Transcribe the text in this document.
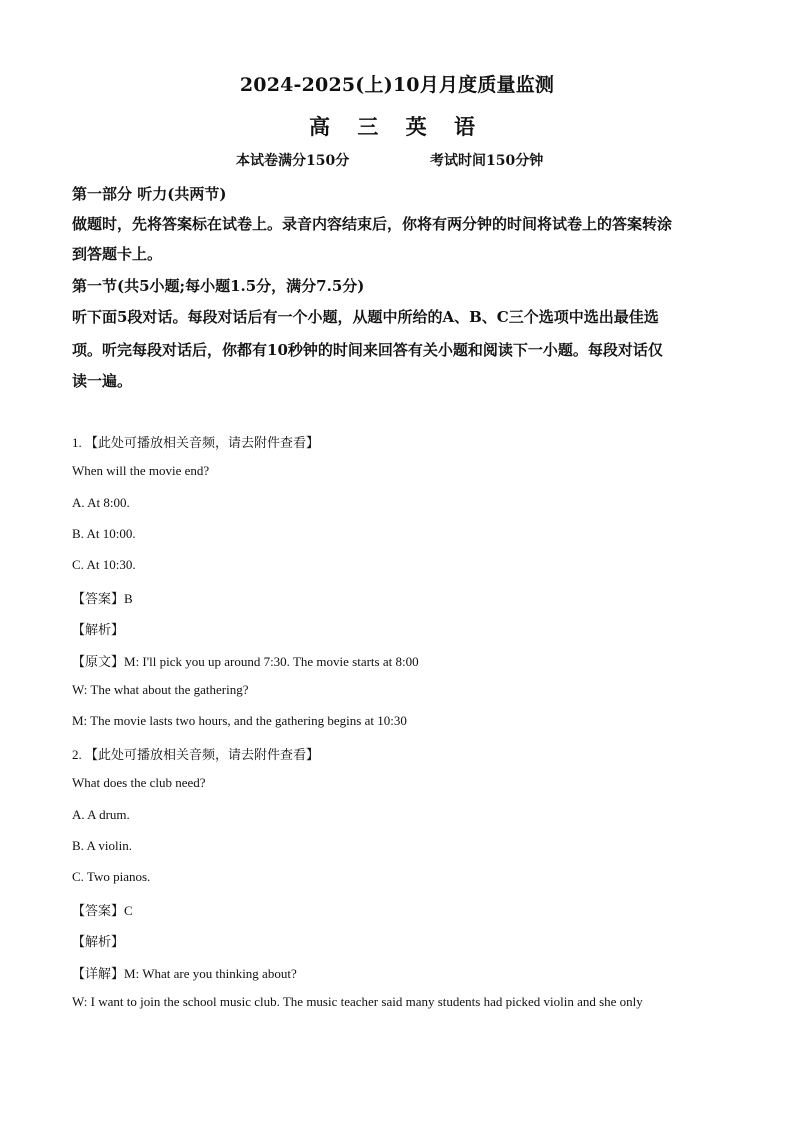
2024-2025(上)10月月度质量监测
高 三 英 语
本试卷满分150分	考试时间150分钟
第一部分 听力(共两节)
做题时，先将答案标在试卷上。录音内容结束后，你将有两分钟的时间将试卷上的答案转涂
到答题卡上。
第一节(共5小题;每小题1.5分，满分7.5分)
听下面5段对话。每段对话后有一个小题，从题中所给的A、B、C三个选项中选出最佳选
项。听完每段对话后，你都有10秒钟的时间来回答有关小题和阅读下一小题。每段对话仅
读一遍。
1. 【此处可播放相关音频，请去附件查看】
When will the movie end?
A. At 8:00.
B. At 10:00.
C. At 10:30.
【答案】B
【解析】
【原文】M: I'll pick you up around 7:30. The movie starts at 8:00
W: The what about the gathering?
M: The movie lasts two hours, and the gathering begins at 10:30
2. 【此处可播放相关音频，请去附件查看】
What does the club need?
A. A drum.
B. A violin.
C. Two pianos.
【答案】C
【解析】
【详解】M: What are you thinking about?
W: I want to join the school music club. The music teacher said many students had picked violin and she only
